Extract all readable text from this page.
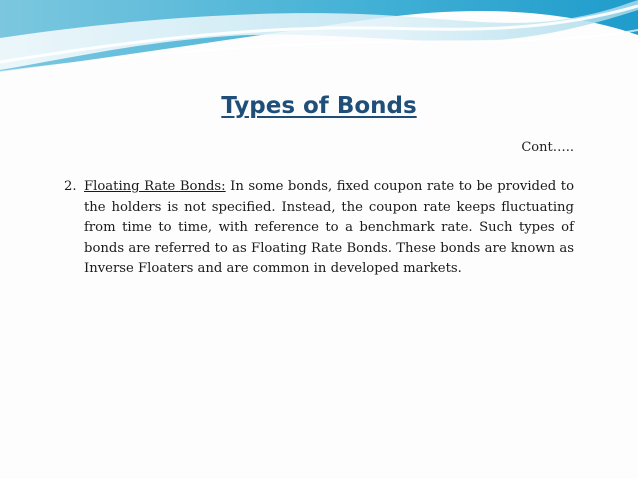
Types of Bonds
Cont…..
2. Floating Rate Bonds: In some bonds, fixed coupon rate to be provided to the holders is not specified. Instead, the coupon rate keeps fluctuating from time to time, with reference to a benchmark rate. Such types of bonds are referred to as Floating Rate Bonds. These bonds are known as Inverse Floaters and are common in developed markets.
